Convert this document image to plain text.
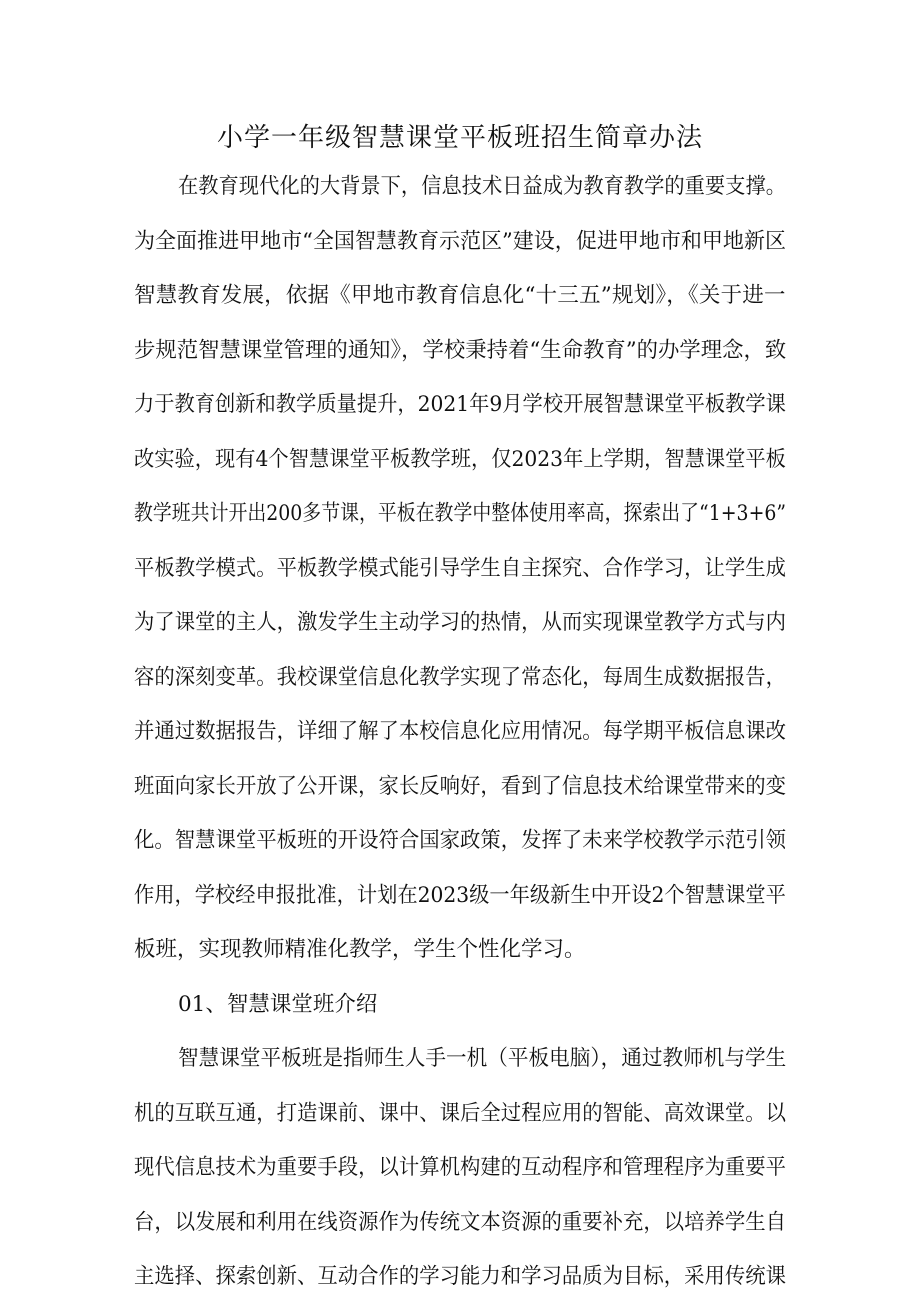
小学一年级智慧课堂平板班招生简章办法
在教育现代化的大背景下，信息技术日益成为教育教学的重要支撑。
为全面推进甲地市“全国智慧教育示范区”建设，促进甲地市和甲地新区
智慧教育发展，依据《甲地市教育信息化“十三五”规划》，《关于进一
步规范智慧课堂管理的通知》，学校秉持着“生命教育”的办学理念，致
力于教育创新和教学质量提升，2021年9月学校开展智慧课堂平板教学课
改实验，现有4个智慧课堂平板教学班，仅2023年上学期，智慧课堂平板
教学班共计开出200多节课，平板在教学中整体使用率高，探索出了“1+3+6”
平板教学模式。平板教学模式能引导学生自主探究、合作学习，让学生成
为了课堂的主人，激发学生主动学习的热情，从而实现课堂教学方式与内
容的深刻变革。我校课堂信息化教学实现了常态化，每周生成数据报告，
并通过数据报告，详细了解了本校信息化应用情况。每学期平板信息课改
班面向家长开放了公开课，家长反响好，看到了信息技术给课堂带来的变
化。智慧课堂平板班的开设符合国家政策，发挥了未来学校教学示范引领
作用，学校经申报批准，计划在2023级一年级新生中开设2个智慧课堂平
板班，实现教师精准化教学，学生个性化学习。
01、智慧课堂班介绍
智慧课堂平板班是指师生人手一机（平板电脑），通过教师机与学生
机的互联互通，打造课前、课中、课后全过程应用的智能、高效课堂。以
现代信息技术为重要手段，以计算机构建的互动程序和管理程序为重要平
台，以发展和利用在线资源作为传统文本资源的重要补充，以培养学生自
主选择、探索创新、互动合作的学习能力和学习品质为目标，采用传统课
